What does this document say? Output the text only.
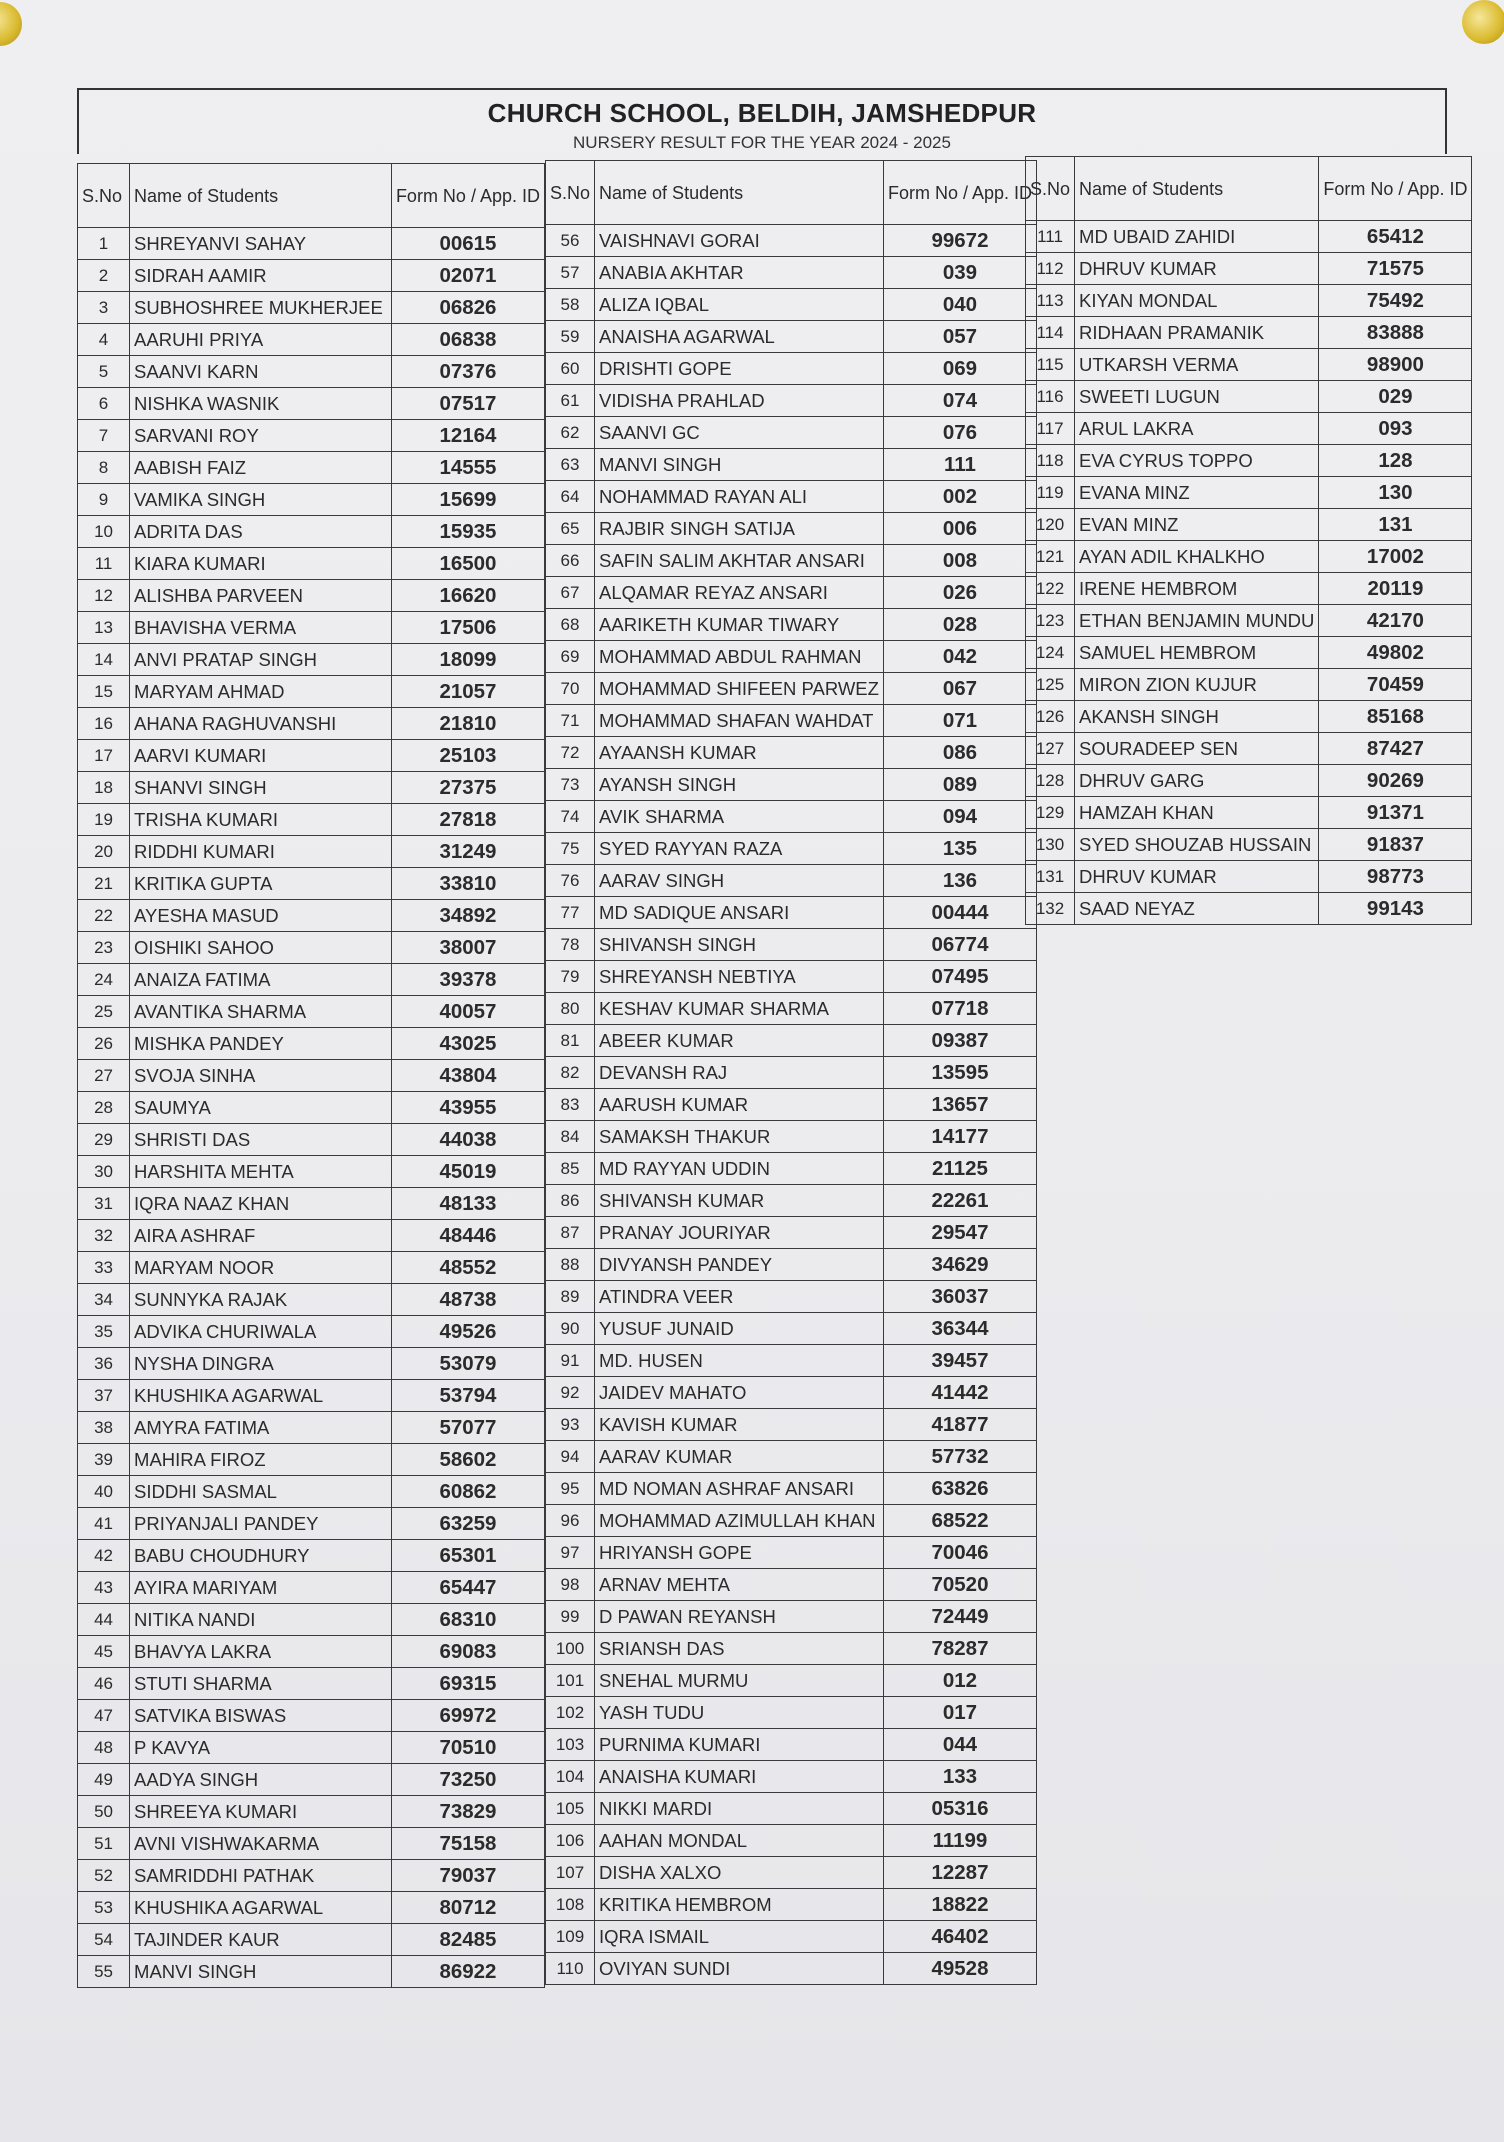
CHURCH SCHOOL, BELDIH, JAMSHEDPUR
NURSERY RESULT FOR THE YEAR 2024 - 2025
S.No	Name of Students	Form No / App. ID
1	SHREYANVI SAHAY	00615
2	SIDRAH AAMIR	02071
3	SUBHOSHREE MUKHERJEE	06826
4	AARUHI PRIYA	06838
5	SAANVI KARN	07376
6	NISHKA WASNIK	07517
7	SARVANI ROY	12164
8	AABISH FAIZ	14555
9	VAMIKA SINGH	15699
10	ADRITA DAS	15935
11	KIARA KUMARI	16500
12	ALISHBA PARVEEN	16620
13	BHAVISHA VERMA	17506
14	ANVI PRATAP SINGH	18099
15	MARYAM AHMAD	21057
16	AHANA RAGHUVANSHI	21810
17	AARVI KUMARI	25103
18	SHANVI SINGH	27375
19	TRISHA KUMARI	27818
20	RIDDHI KUMARI	31249
21	KRITIKA GUPTA	33810
22	AYESHA MASUD	34892
23	OISHIKI SAHOO	38007
24	ANAIZA FATIMA	39378
25	AVANTIKA SHARMA	40057
26	MISHKA PANDEY	43025
27	SVOJA SINHA	43804
28	SAUMYA	43955
29	SHRISTI DAS	44038
30	HARSHITA MEHTA	45019
31	IQRA NAAZ KHAN	48133
32	AIRA ASHRAF	48446
33	MARYAM NOOR	48552
34	SUNNYKA RAJAK	48738
35	ADVIKA CHURIWALA	49526
36	NYSHA DINGRA	53079
37	KHUSHIKA AGARWAL	53794
38	AMYRA FATIMA	57077
39	MAHIRA FIROZ	58602
40	SIDDHI SASMAL	60862
41	PRIYANJALI PANDEY	63259
42	BABU CHOUDHURY	65301
43	AYIRA MARIYAM	65447
44	NITIKA NANDI	68310
45	BHAVYA LAKRA	69083
46	STUTI SHARMA	69315
47	SATVIKA BISWAS	69972
48	P KAVYA	70510
49	AADYA SINGH	73250
50	SHREEYA KUMARI	73829
51	AVNI VISHWAKARMA	75158
52	SAMRIDDHI PATHAK	79037
53	KHUSHIKA AGARWAL	80712
54	TAJINDER KAUR	82485
55	MANVI SINGH	86922
S.No	Name of Students	Form No / App. ID
56	VAISHNAVI GORAI	99672
57	ANABIA AKHTAR	039
58	ALIZA IQBAL	040
59	ANAISHA AGARWAL	057
60	DRISHTI GOPE	069
61	VIDISHA PRAHLAD	074
62	SAANVI GC	076
63	MANVI SINGH	111
64	NOHAMMAD RAYAN ALI	002
65	RAJBIR SINGH SATIJA	006
66	SAFIN SALIM AKHTAR ANSARI	008
67	ALQAMAR REYAZ ANSARI	026
68	AARIKETH KUMAR TIWARY	028
69	MOHAMMAD ABDUL RAHMAN	042
70	MOHAMMAD SHIFEEN PARWEZ	067
71	MOHAMMAD SHAFAN WAHDAT	071
72	AYAANSH KUMAR	086
73	AYANSH SINGH	089
74	AVIK SHARMA	094
75	SYED RAYYAN RAZA	135
76	AARAV SINGH	136
77	MD SADIQUE ANSARI	00444
78	SHIVANSH SINGH	06774
79	SHREYANSH NEBTIYA	07495
80	KESHAV KUMAR SHARMA	07718
81	ABEER KUMAR	09387
82	DEVANSH RAJ	13595
83	AARUSH KUMAR	13657
84	SAMAKSH THAKUR	14177
85	MD RAYYAN UDDIN	21125
86	SHIVANSH KUMAR	22261
87	PRANAY JOURIYAR	29547
88	DIVYANSH PANDEY	34629
89	ATINDRA VEER	36037
90	YUSUF JUNAID	36344
91	MD. HUSEN	39457
92	JAIDEV MAHATO	41442
93	KAVISH KUMAR	41877
94	AARAV KUMAR	57732
95	MD NOMAN ASHRAF ANSARI	63826
96	MOHAMMAD AZIMULLAH KHAN	68522
97	HRIYANSH GOPE	70046
98	ARNAV MEHTA	70520
99	D PAWAN REYANSH	72449
100	SRIANSH DAS	78287
101	SNEHAL MURMU	012
102	YASH TUDU	017
103	PURNIMA KUMARI	044
104	ANAISHA KUMARI	133
105	NIKKI MARDI	05316
106	AAHAN MONDAL	11199
107	DISHA XALXO	12287
108	KRITIKA HEMBROM	18822
109	IQRA ISMAIL	46402
110	OVIYAN SUNDI	49528
S.No	Name of Students	Form No / App. ID
111	MD UBAID ZAHIDI	65412
112	DHRUV KUMAR	71575
113	KIYAN MONDAL	75492
114	RIDHAAN PRAMANIK	83888
115	UTKARSH VERMA	98900
116	SWEETI LUGUN	029
117	ARUL LAKRA	093
118	EVA CYRUS TOPPO	128
119	EVANA MINZ	130
120	EVAN MINZ	131
121	AYAN ADIL KHALKHO	17002
122	IRENE HEMBROM	20119
123	ETHAN BENJAMIN MUNDU	42170
124	SAMUEL HEMBROM	49802
125	MIRON ZION KUJUR	70459
126	AKANSH SINGH	85168
127	SOURADEEP SEN	87427
128	DHRUV GARG	90269
129	HAMZAH KHAN	91371
130	SYED SHOUZAB HUSSAIN	91837
131	DHRUV KUMAR	98773
132	SAAD NEYAZ	99143
